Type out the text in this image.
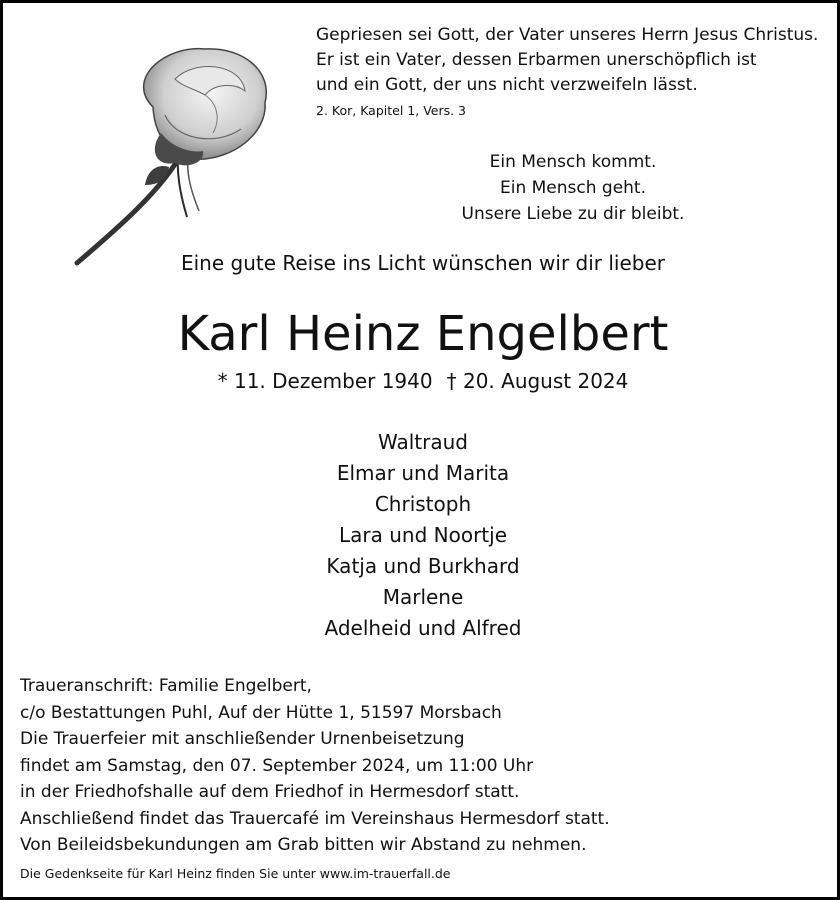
Gepriesen sei Gott, der Vater unseres Herrn Jesus Christus.
Er ist ein Vater, dessen Erbarmen unerschöpflich ist
und ein Gott, der uns nicht verzweifeln lässt.
2. Kor, Kapitel 1, Vers. 3
Ein Mensch kommt.
Ein Mensch geht.
Unsere Liebe zu dir bleibt.
Eine gute Reise ins Licht wünschen wir dir lieber
Karl Heinz Engelbert
* 11. Dezember 1940 † 20. August 2024
Waltraud
Elmar und Marita
Christoph
Lara und Noortje
Katja und Burkhard
Marlene
Adelheid und Alfred
Traueranschrift: Familie Engelbert,
c/o Bestattungen Puhl, Auf der Hütte 1, 51597 Morsbach
Die Trauerfeier mit anschließender Urnenbeisetzung
findet am Samstag, den 07. September 2024, um 11:00 Uhr
in der Friedhofshalle auf dem Friedhof in Hermesdorf statt.
Anschließend findet das Trauercafé im Vereinshaus Hermesdorf statt.
Von Beileidsbekundungen am Grab bitten wir Abstand zu nehmen.
Die Gedenkseite für Karl Heinz finden Sie unter www.im-trauerfall.de
